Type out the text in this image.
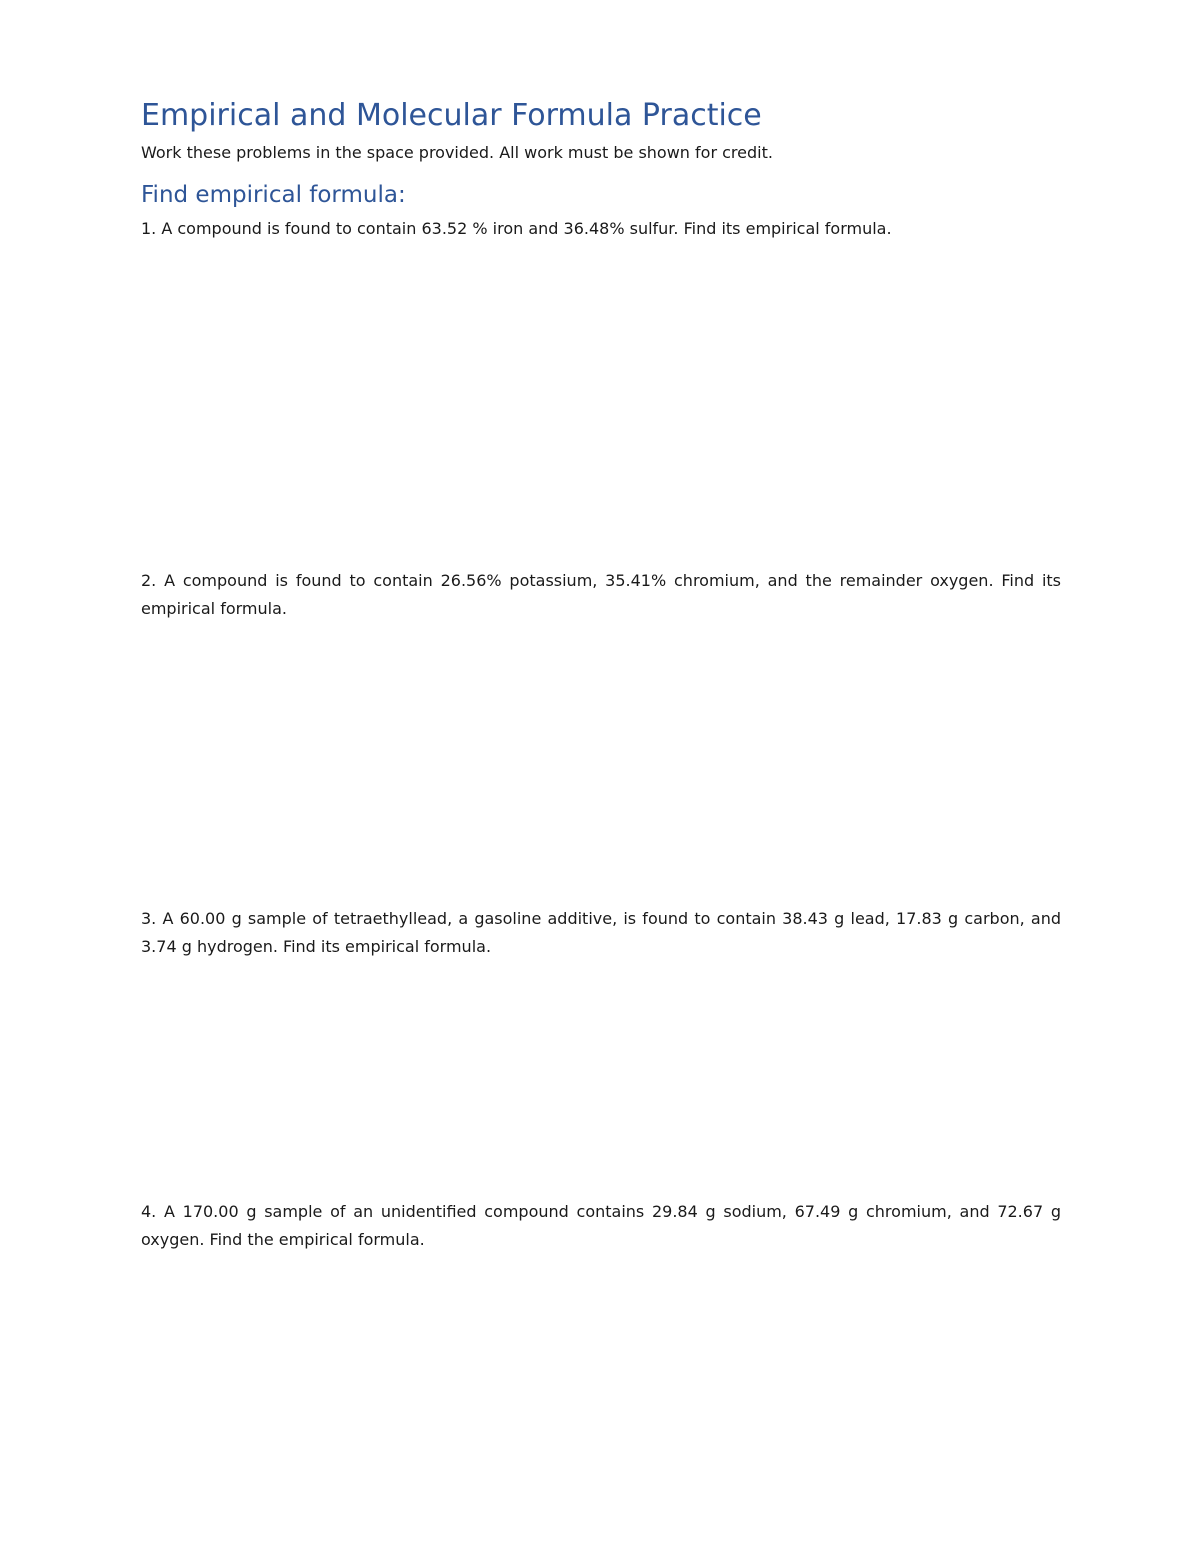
Empirical and Molecular Formula Practice

Work these problems in the space provided. All work must be shown for credit.

Find empirical formula:

1. A compound is found to contain 63.52 % iron and 36.48% sulfur. Find its empirical formula.

2. A compound is found to contain 26.56% potassium, 35.41% chromium, and the remainder oxygen. Find its empirical formula.

3. A 60.00 g sample of tetraethyllead, a gasoline additive, is found to contain 38.43 g lead, 17.83 g carbon, and 3.74 g hydrogen. Find its empirical formula.

4. A 170.00 g sample of an unidentified compound contains 29.84 g sodium, 67.49 g chromium, and 72.67 g oxygen. Find the empirical formula.
